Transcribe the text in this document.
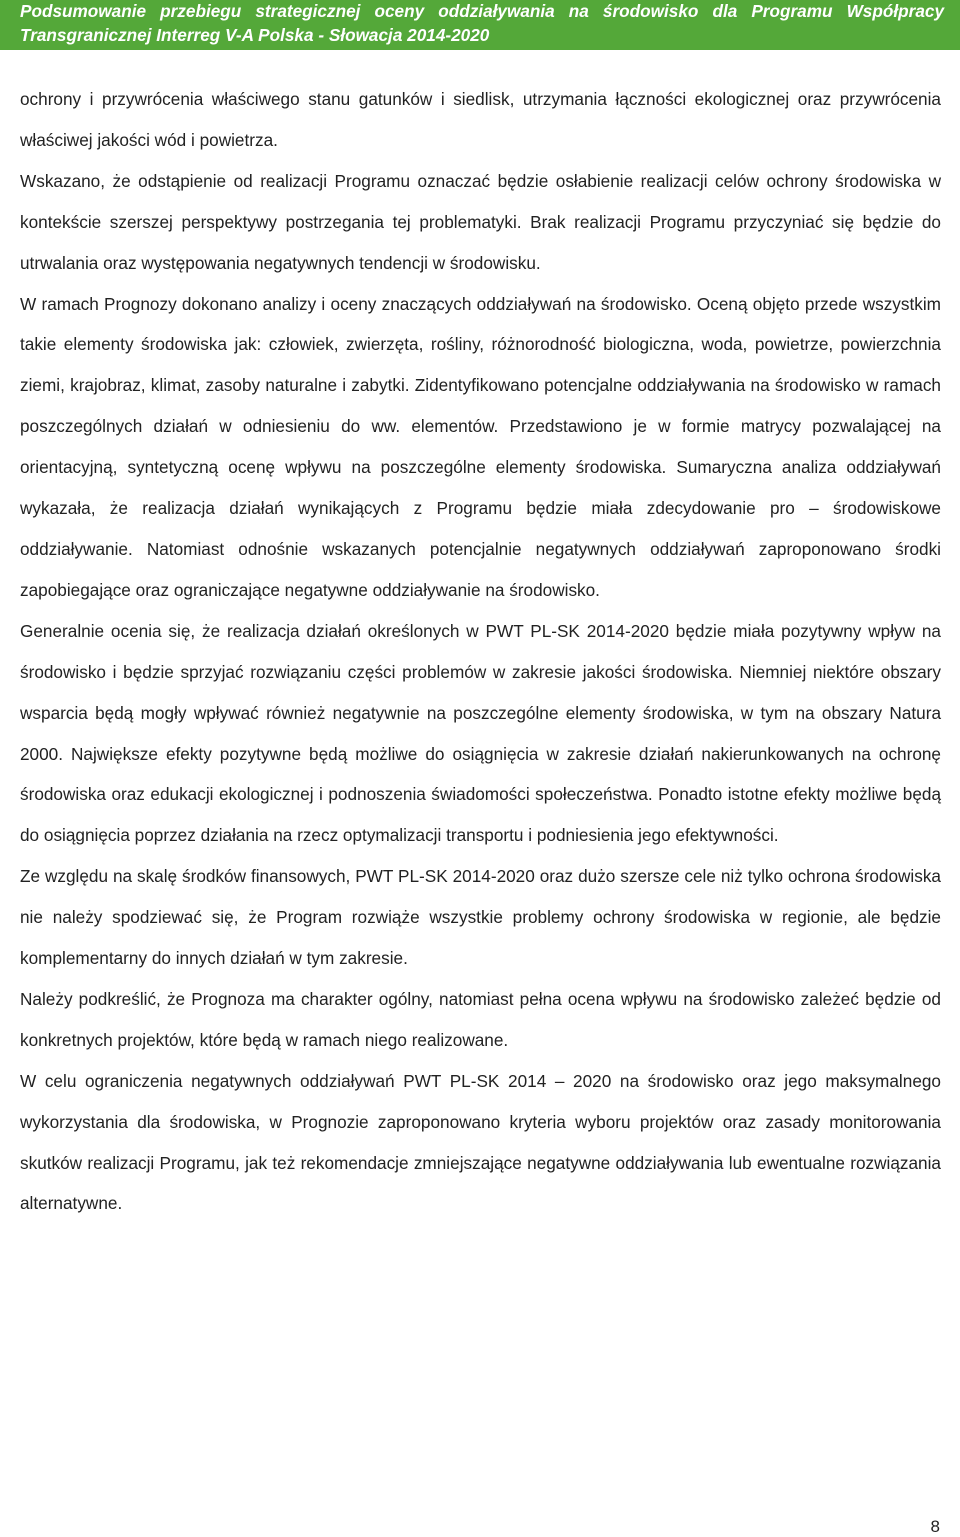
Podsumowanie przebiegu strategicznej oceny oddziaływania na środowisko dla Programu Współpracy
Transgranicznej Interreg V-A Polska - Słowacja 2014-2020

ochrony i przywrócenia właściwego stanu gatunków i siedlisk, utrzymania łączności ekologicznej oraz przywrócenia właściwej jakości wód i powietrza.

Wskazano, że odstąpienie od realizacji Programu oznaczać będzie osłabienie realizacji celów ochrony środowiska w kontekście szerszej perspektywy postrzegania tej problematyki. Brak realizacji Programu przyczyniać się będzie do utrwalania oraz występowania negatywnych tendencji w środowisku.

W ramach Prognozy dokonano analizy i oceny znaczących oddziaływań na środowisko. Oceną objęto przede wszystkim takie elementy środowiska jak: człowiek, zwierzęta, rośliny, różnorodność biologiczna, woda, powietrze, powierzchnia ziemi, krajobraz, klimat, zasoby naturalne i zabytki. Zidentyfikowano potencjalne oddziaływania na środowisko w ramach poszczególnych działań w odniesieniu do ww. elementów. Przedstawiono je w formie matrycy pozwalającej na orientacyjną, syntetyczną ocenę wpływu na poszczególne elementy środowiska. Sumaryczna analiza oddziaływań wykazała, że realizacja działań wynikających z Programu będzie miała zdecydowanie pro – środowiskowe oddziaływanie. Natomiast odnośnie wskazanych potencjalnie negatywnych oddziaływań zaproponowano środki zapobiegające oraz ograniczające negatywne oddziaływanie na środowisko.

Generalnie ocenia się, że realizacja działań określonych w PWT PL-SK 2014-2020 będzie miała pozytywny wpływ na środowisko i będzie sprzyjać rozwiązaniu części problemów w zakresie jakości środowiska. Niemniej niektóre obszary wsparcia będą mogły wpływać również negatywnie na poszczególne elementy środowiska, w tym na obszary Natura 2000. Największe efekty pozytywne będą możliwe do osiągnięcia w zakresie działań nakierunkowanych na ochronę środowiska oraz edukacji ekologicznej i podnoszenia świadomości społeczeństwa. Ponadto istotne efekty możliwe będą do osiągnięcia poprzez działania na rzecz optymalizacji transportu i podniesienia jego efektywności.

Ze względu na skalę środków finansowych, PWT PL-SK 2014-2020 oraz dużo szersze cele niż tylko ochrona środowiska nie należy spodziewać się, że Program rozwiąże wszystkie problemy ochrony środowiska w regionie, ale będzie komplementarny do innych działań w tym zakresie.

Należy podkreślić, że Prognoza ma charakter ogólny, natomiast pełna ocena wpływu na środowisko zależeć będzie od konkretnych projektów, które będą w ramach niego realizowane.

W celu ograniczenia negatywnych oddziaływań PWT PL-SK 2014 – 2020 na środowisko oraz jego maksymalnego wykorzystania dla środowiska, w Prognozie zaproponowano kryteria wyboru projektów oraz zasady monitorowania skutków realizacji Programu, jak też rekomendacje zmniejszające negatywne oddziaływania lub ewentualne rozwiązania alternatywne.

8
